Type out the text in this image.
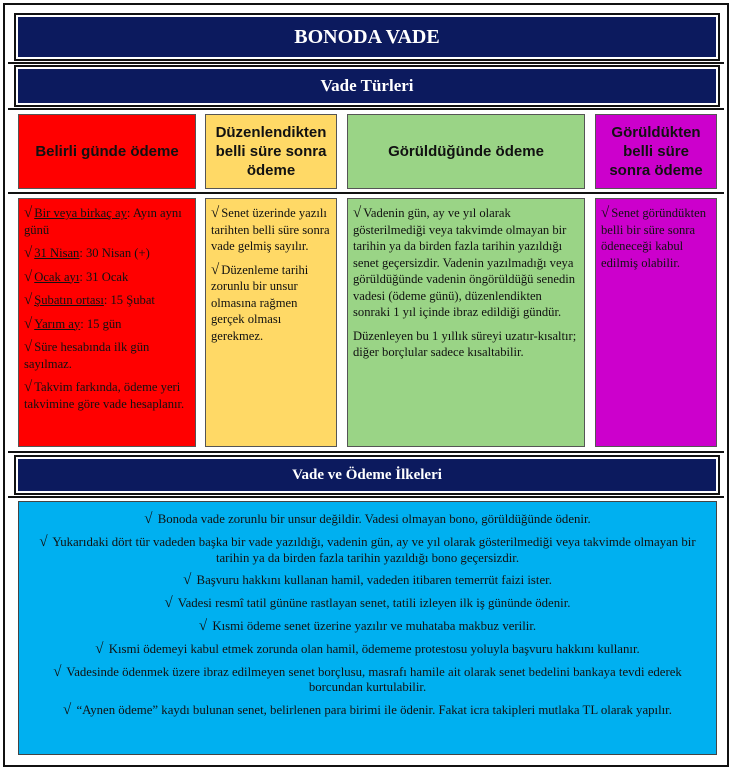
BONODA VADE
Vade Türleri
Belirli günde ödeme
Düzenlendikten belli süre sonra ödeme
Görüldüğünde ödeme
Görüldükten belli süre sonra ödeme

√ Bir veya birkaç ay: Ayın aynı günü

√ 31 Nisan: 30 Nisan (+)

√ Ocak ayı: 31 Ocak

√ Şubatın ortası: 15 Şubat

√ Yarım ay: 15 gün

√ Süre hesabında ilk gün sayılmaz.

√ Takvim farkında, ödeme yeri takvimine göre vade hesaplanır.

√ Senet üzerinde yazılı tarihten belli süre sonra vade gelmiş sayılır.

√ Düzenleme tarihi zorunlu bir unsur olmasına rağmen gerçek olması gerekmez.

√ Vadenin gün, ay ve yıl olarak gösterilmediği veya takvimde olmayan bir tarihin ya da birden fazla tarihin yazıldığı senet geçersizdir. Vadenin yazılmadığı veya görüldüğünde vadenin öngörüldüğü senedin vadesi (ödeme günü), düzenlendikten sonraki 1 yıl içinde ibraz edildiği gündür.

Düzenleyen bu 1 yıllık süreyi uzatır-kısaltır; diğer borçlular sadece kısaltabilir.

√ Senet göründükten belli bir süre sonra ödeneceği kabul edilmiş olabilir.

Vade ve Ödeme İlkeleri

√ Bonoda vade zorunlu bir unsur değildir. Vadesi olmayan bono, görüldüğünde ödenir.

√ Yukarıdaki dört tür vadeden başka bir vade yazıldığı, vadenin gün, ay ve yıl olarak gösterilmediği veya takvimde olmayan bir tarihin ya da birden fazla tarihin yazıldığı bono geçersizdir.

√ Başvuru hakkını kullanan hamil, vadeden itibaren temerrüt faizi ister.

√ Vadesi resmî tatil gününe rastlayan senet, tatili izleyen ilk iş gününde ödenir.

√ Kısmi ödeme senet üzerine yazılır ve muhataba makbuz verilir.

√ Kısmi ödemeyi kabul etmek zorunda olan hamil, ödememe protestosu yoluyla başvuru hakkını kullanır.

√ Vadesinde ödenmek üzere ibraz edilmeyen senet borçlusu, masrafı hamile ait olarak senet bedelini bankaya tevdi ederek borcundan kurtulabilir.

√ “Aynen ödeme” kaydı bulunan senet, belirlenen para birimi ile ödenir. Fakat icra takipleri mutlaka TL olarak yapılır.
